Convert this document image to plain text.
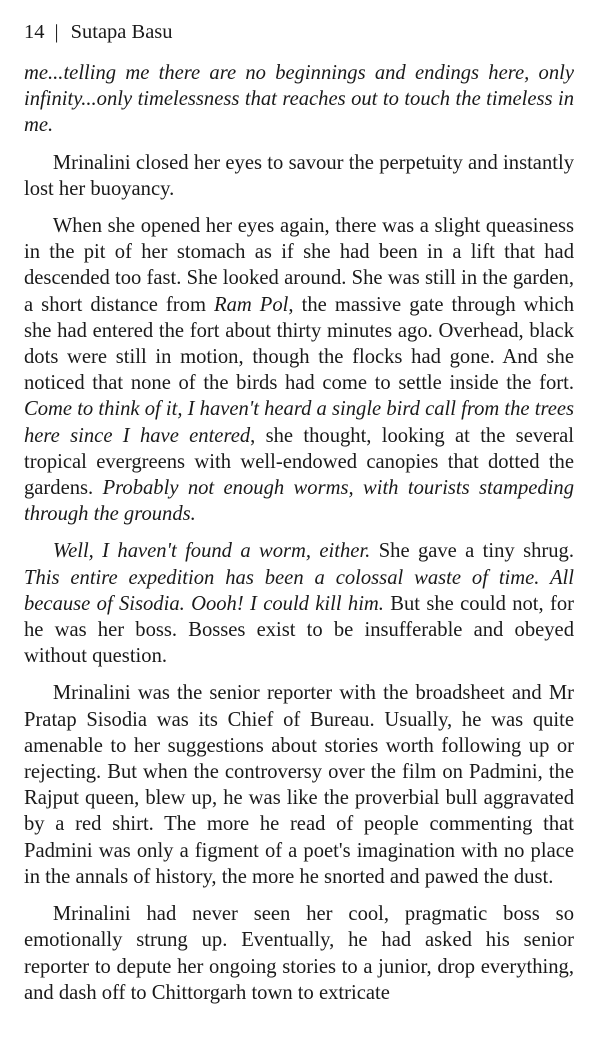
14 | Sutapa Basu

me...telling me there are no beginnings and endings here, only infinity...only timelessness that reaches out to touch the timeless in me.

Mrinalini closed her eyes to savour the perpetuity and instantly lost her buoyancy.

When she opened her eyes again, there was a slight queasiness in the pit of her stomach as if she had been in a lift that had descended too fast. She looked around. She was still in the garden, a short distance from Ram Pol, the massive gate through which she had entered the fort about thirty minutes ago. Overhead, black dots were still in motion, though the flocks had gone. And she noticed that none of the birds had come to settle inside the fort. Come to think of it, I haven't heard a single bird call from the trees here since I have entered, she thought, looking at the several tropical evergreens with well-endowed canopies that dotted the gardens. Probably not enough worms, with tourists stampeding through the grounds.

Well, I haven't found a worm, either. She gave a tiny shrug. This entire expedition has been a colossal waste of time. All because of Sisodia. Oooh! I could kill him. But she could not, for he was her boss. Bosses exist to be insufferable and obeyed without question.

Mrinalini was the senior reporter with the broadsheet and Mr Pratap Sisodia was its Chief of Bureau. Usually, he was quite amenable to her suggestions about stories worth following up or rejecting. But when the controversy over the film on Padmini, the Rajput queen, blew up, he was like the proverbial bull aggravated by a red shirt. The more he read of people commenting that Padmini was only a figment of a poet's imagination with no place in the annals of history, the more he snorted and pawed the dust.

Mrinalini had never seen her cool, pragmatic boss so emotionally strung up. Eventually, he had asked his senior reporter to depute her ongoing stories to a junior, drop everything, and dash off to Chittorgarh town to extricate
